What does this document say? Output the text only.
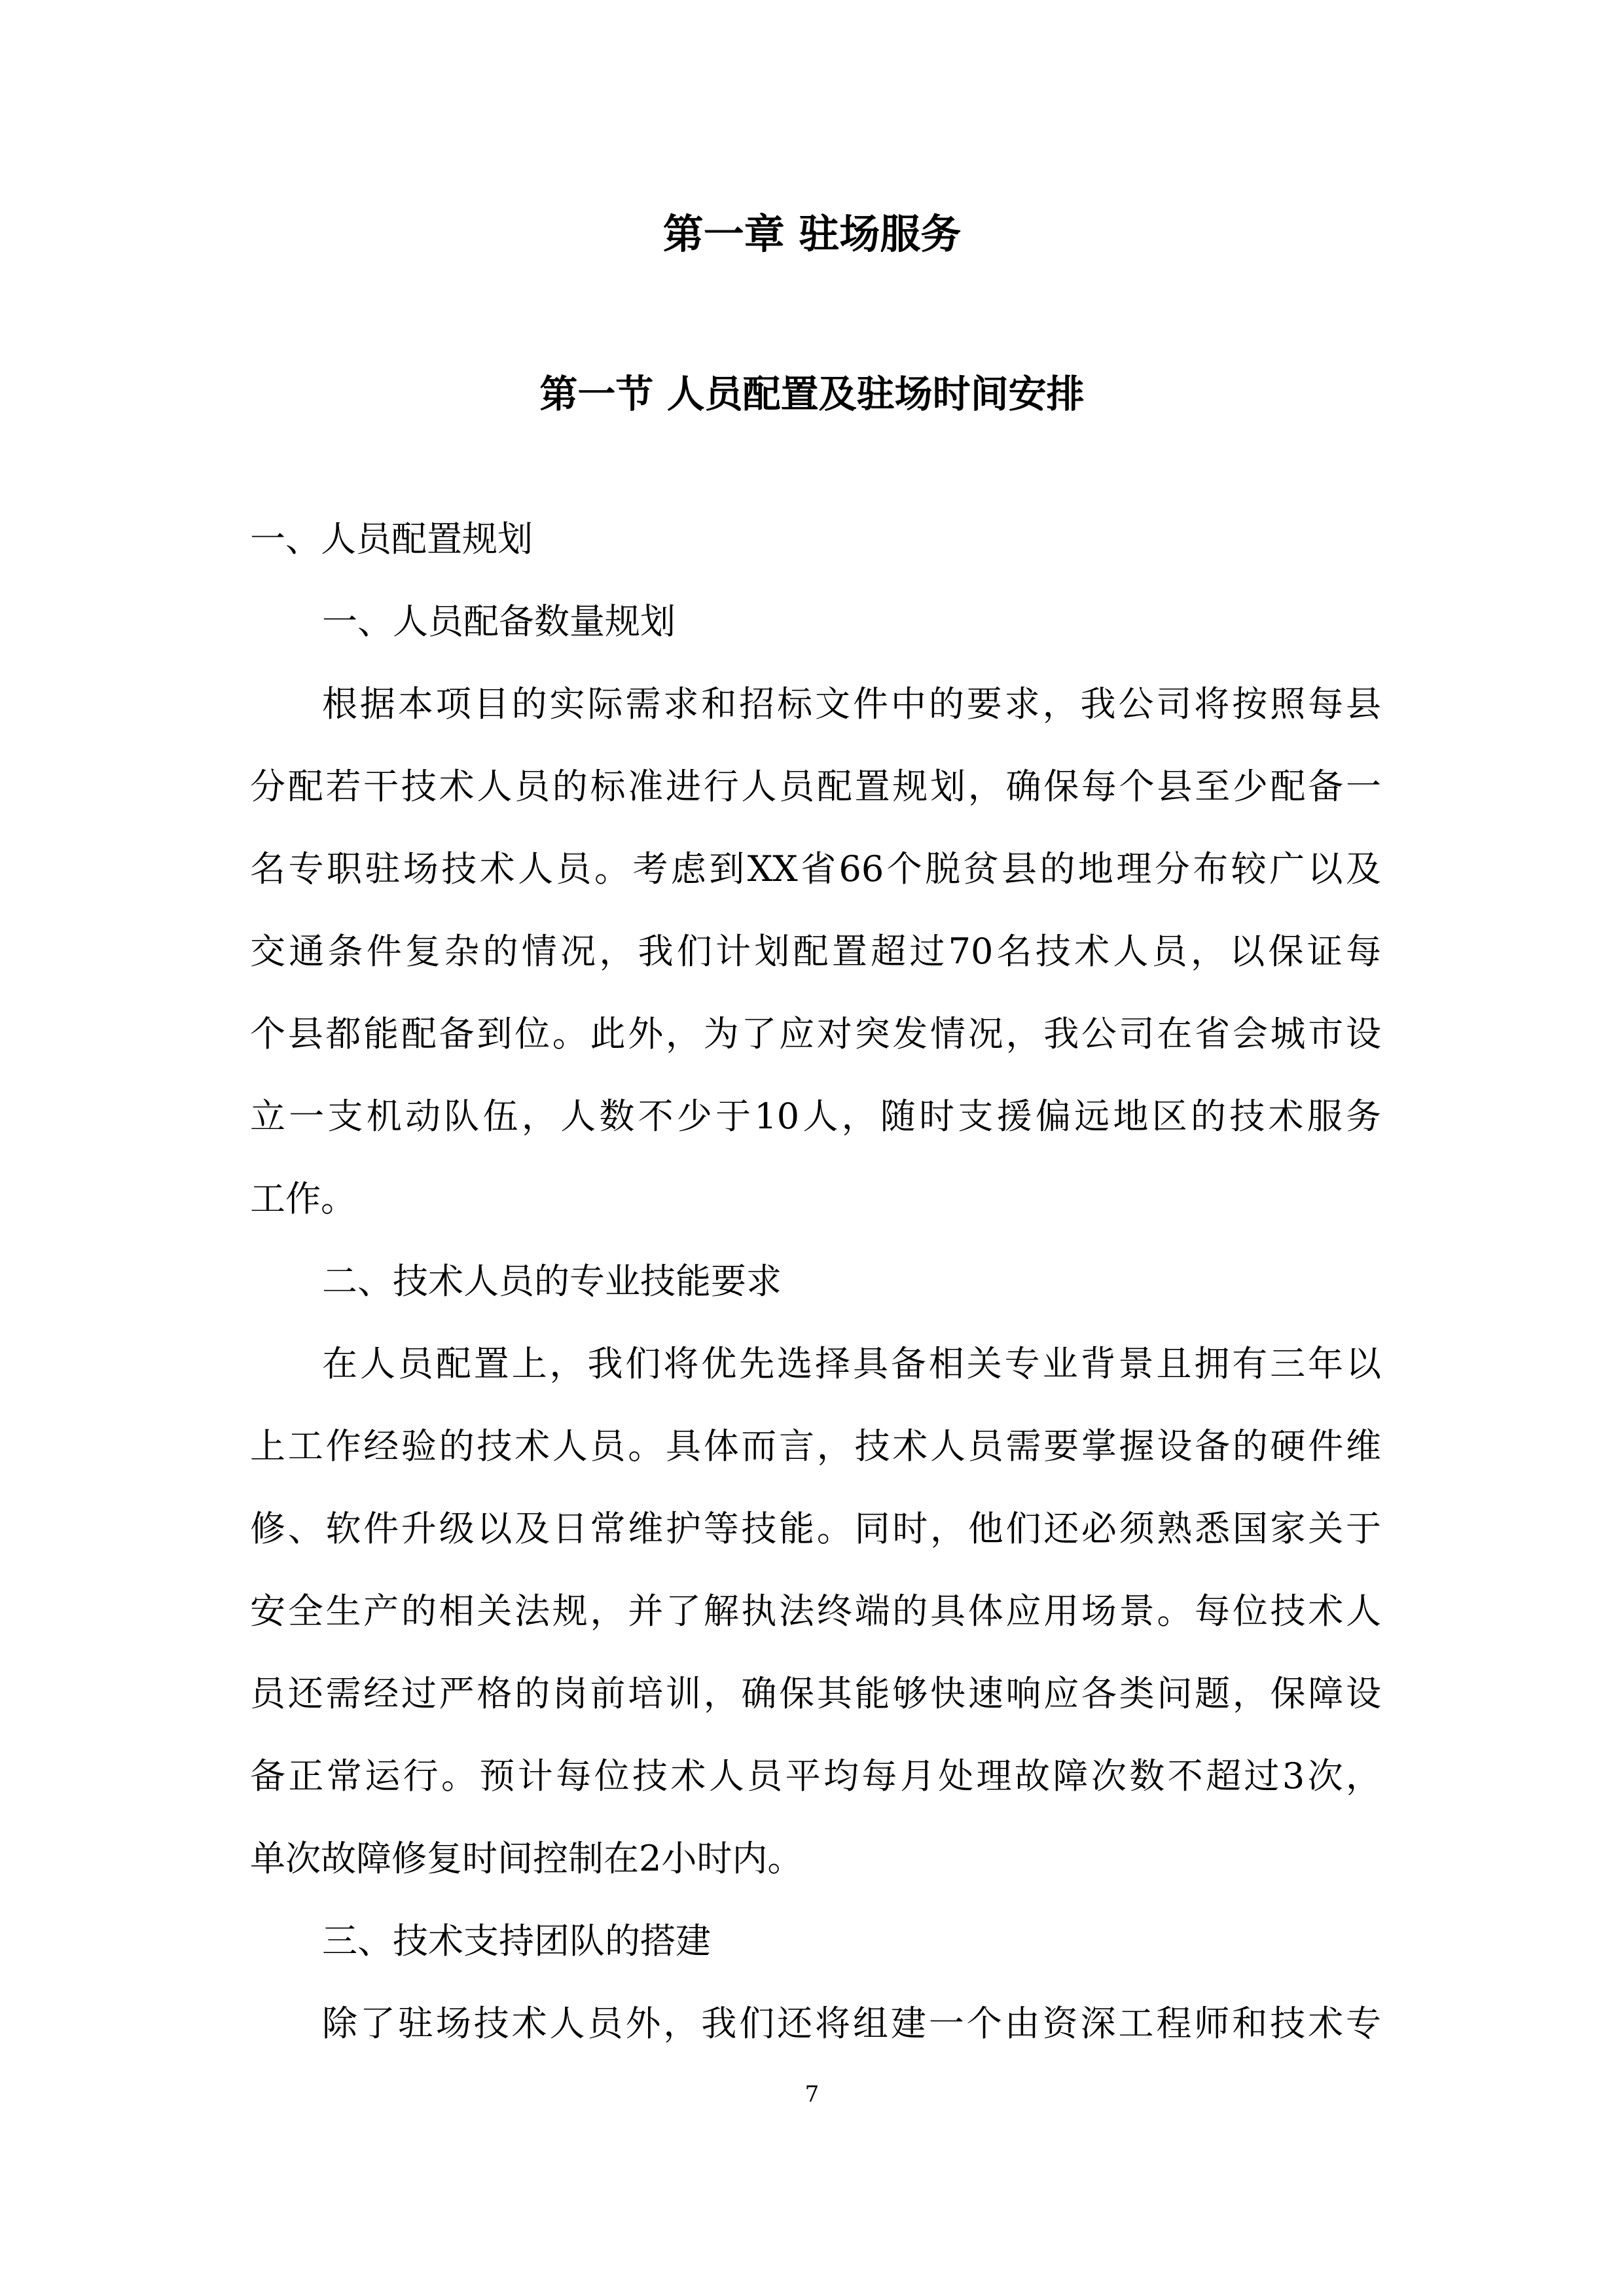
第一章 驻场服务
第一节 人员配置及驻场时间安排
一、人员配置规划
一、人员配备数量规划
根据本项目的实际需求和招标文件中的要求，我公司将按照每县
分配若干技术人员的标准进行人员配置规划，确保每个县至少配备一
名专职驻场技术人员。考虑到XX省66个脱贫县的地理分布较广以及
交通条件复杂的情况，我们计划配置超过70名技术人员，以保证每
个县都能配备到位。此外，为了应对突发情况，我公司在省会城市设
立一支机动队伍，人数不少于10人，随时支援偏远地区的技术服务
工作。
二、技术人员的专业技能要求
在人员配置上，我们将优先选择具备相关专业背景且拥有三年以
上工作经验的技术人员。具体而言，技术人员需要掌握设备的硬件维
修、软件升级以及日常维护等技能。同时，他们还必须熟悉国家关于
安全生产的相关法规，并了解执法终端的具体应用场景。每位技术人
员还需经过严格的岗前培训，确保其能够快速响应各类问题，保障设
备正常运行。预计每位技术人员平均每月处理故障次数不超过3次，
单次故障修复时间控制在2小时内。
三、技术支持团队的搭建
除了驻场技术人员外，我们还将组建一个由资深工程师和技术专
7
